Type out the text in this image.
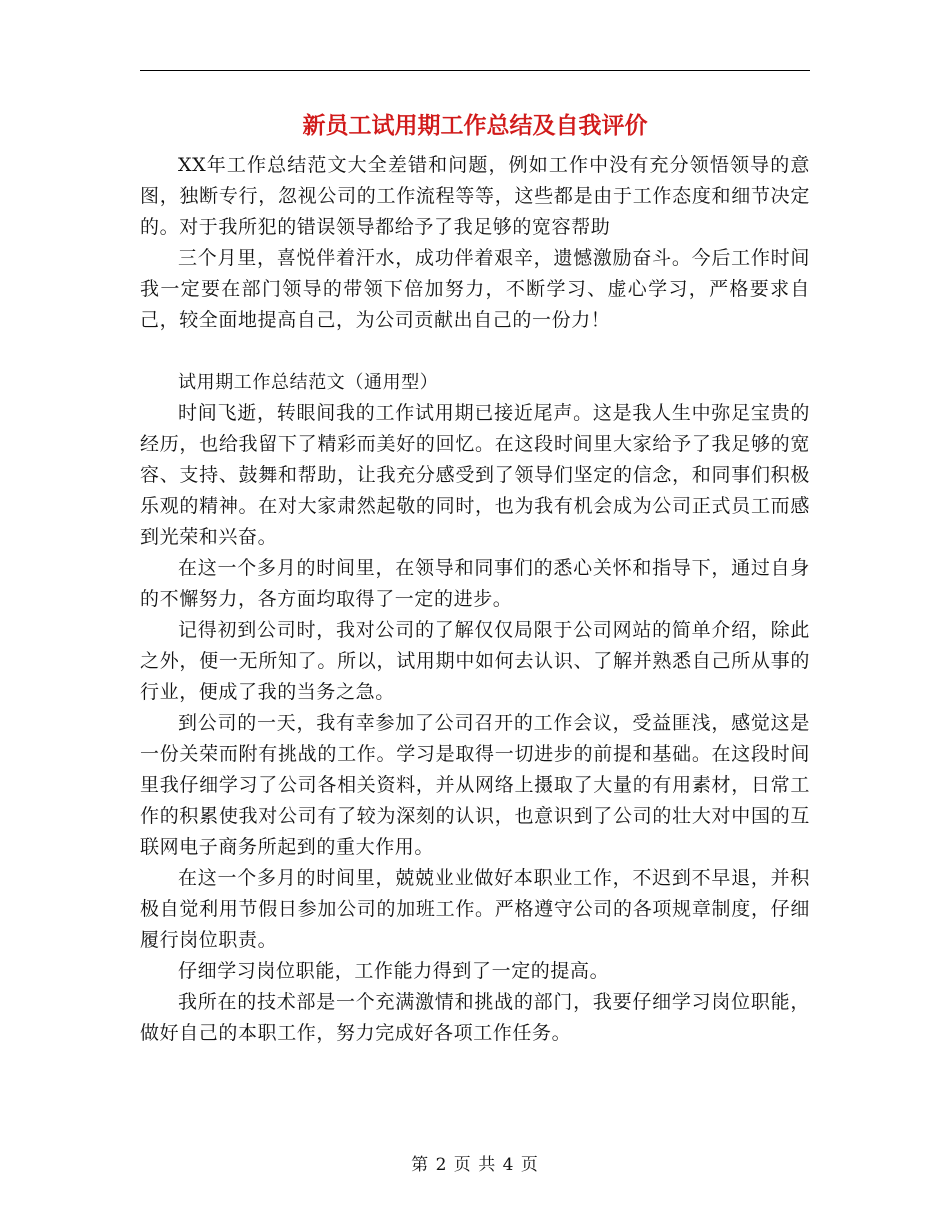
新员工试用期工作总结及自我评价

XX年工作总结范文大全差错和问题，例如工作中没有充分领悟领导的意图，独断专行，忽视公司的工作流程等等，这些都是由于工作态度和细节决定的。对于我所犯的错误领导都给予了我足够的宽容帮助

三个月里，喜悦伴着汗水，成功伴着艰辛，遗憾激励奋斗。今后工作时间我一定要在部门领导的带领下倍加努力，不断学习、虚心学习，严格要求自己，较全面地提高自己，为公司贡献出自己的一份力！

试用期工作总结范文（通用型）

时间飞逝，转眼间我的工作试用期已接近尾声。这是我人生中弥足宝贵的经历，也给我留下了精彩而美好的回忆。在这段时间里大家给予了我足够的宽容、支持、鼓舞和帮助，让我充分感受到了领导们坚定的信念，和同事们积极乐观的精神。在对大家肃然起敬的同时，也为我有机会成为公司正式员工而感到光荣和兴奋。

在这一个多月的时间里，在领导和同事们的悉心关怀和指导下，通过自身的不懈努力，各方面均取得了一定的进步。

记得初到公司时，我对公司的了解仅仅局限于公司网站的简单介绍，除此之外，便一无所知了。所以，试用期中如何去认识、了解并熟悉自己所从事的行业，便成了我的当务之急。

到公司的一天，我有幸参加了公司召开的工作会议，受益匪浅，感觉这是一份关荣而附有挑战的工作。学习是取得一切进步的前提和基础。在这段时间里我仔细学习了公司各相关资料，并从网络上摄取了大量的有用素材，日常工作的积累使我对公司有了较为深刻的认识，也意识到了公司的壮大对中国的互联网电子商务所起到的重大作用。

在这一个多月的时间里，兢兢业业做好本职业工作，不迟到不早退，并积极自觉利用节假日参加公司的加班工作。严格遵守公司的各项规章制度，仔细履行岗位职责。

仔细学习岗位职能，工作能力得到了一定的提高。

我所在的技术部是一个充满激情和挑战的部门，我要仔细学习岗位职能，做好自己的本职工作，努力完成好各项工作任务。

第 2 页 共 4 页
